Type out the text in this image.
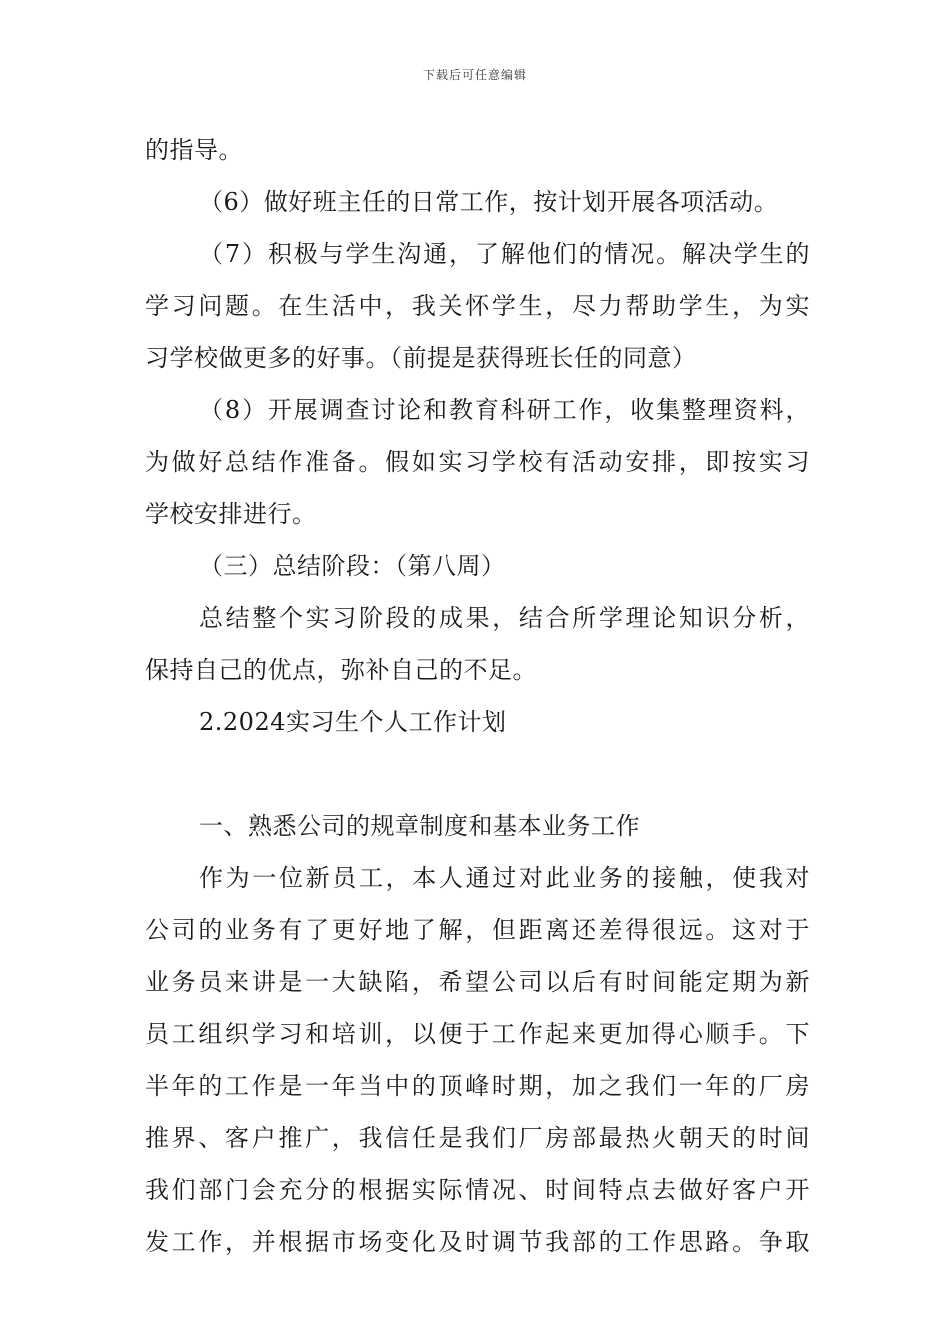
下载后可任意编辑
的指导。
（6）做好班主任的日常工作，按计划开展各项活动。
（7）积极与学生沟通，了解他们的情况。解决学生的
学习问题。在生活中，我关怀学生，尽力帮助学生，为实
习学校做更多的好事。（前提是获得班长任的同意）
（8）开展调查讨论和教育科研工作，收集整理资料，
为做好总结作准备。假如实习学校有活动安排，即按实习
学校安排进行。
（三）总结阶段：（第八周）
总结整个实习阶段的成果，结合所学理论知识分析，
保持自己的优点，弥补自己的不足。
2.2024实习生个人工作计划
一、熟悉公司的规章制度和基本业务工作
作为一位新员工，本人通过对此业务的接触，使我对
公司的业务有了更好地了解，但距离还差得很远。这对于
业务员来讲是一大缺陷，希望公司以后有时间能定期为新
员工组织学习和培训，以便于工作起来更加得心顺手。下
半年的工作是一年当中的顶峰时期，加之我们一年的厂房
推界、客户推广，我信任是我们厂房部最热火朝天的时间
我们部门会充分的根据实际情况、时间特点去做好客户开
发工作，并根据市场变化及时调节我部的工作思路。争取
